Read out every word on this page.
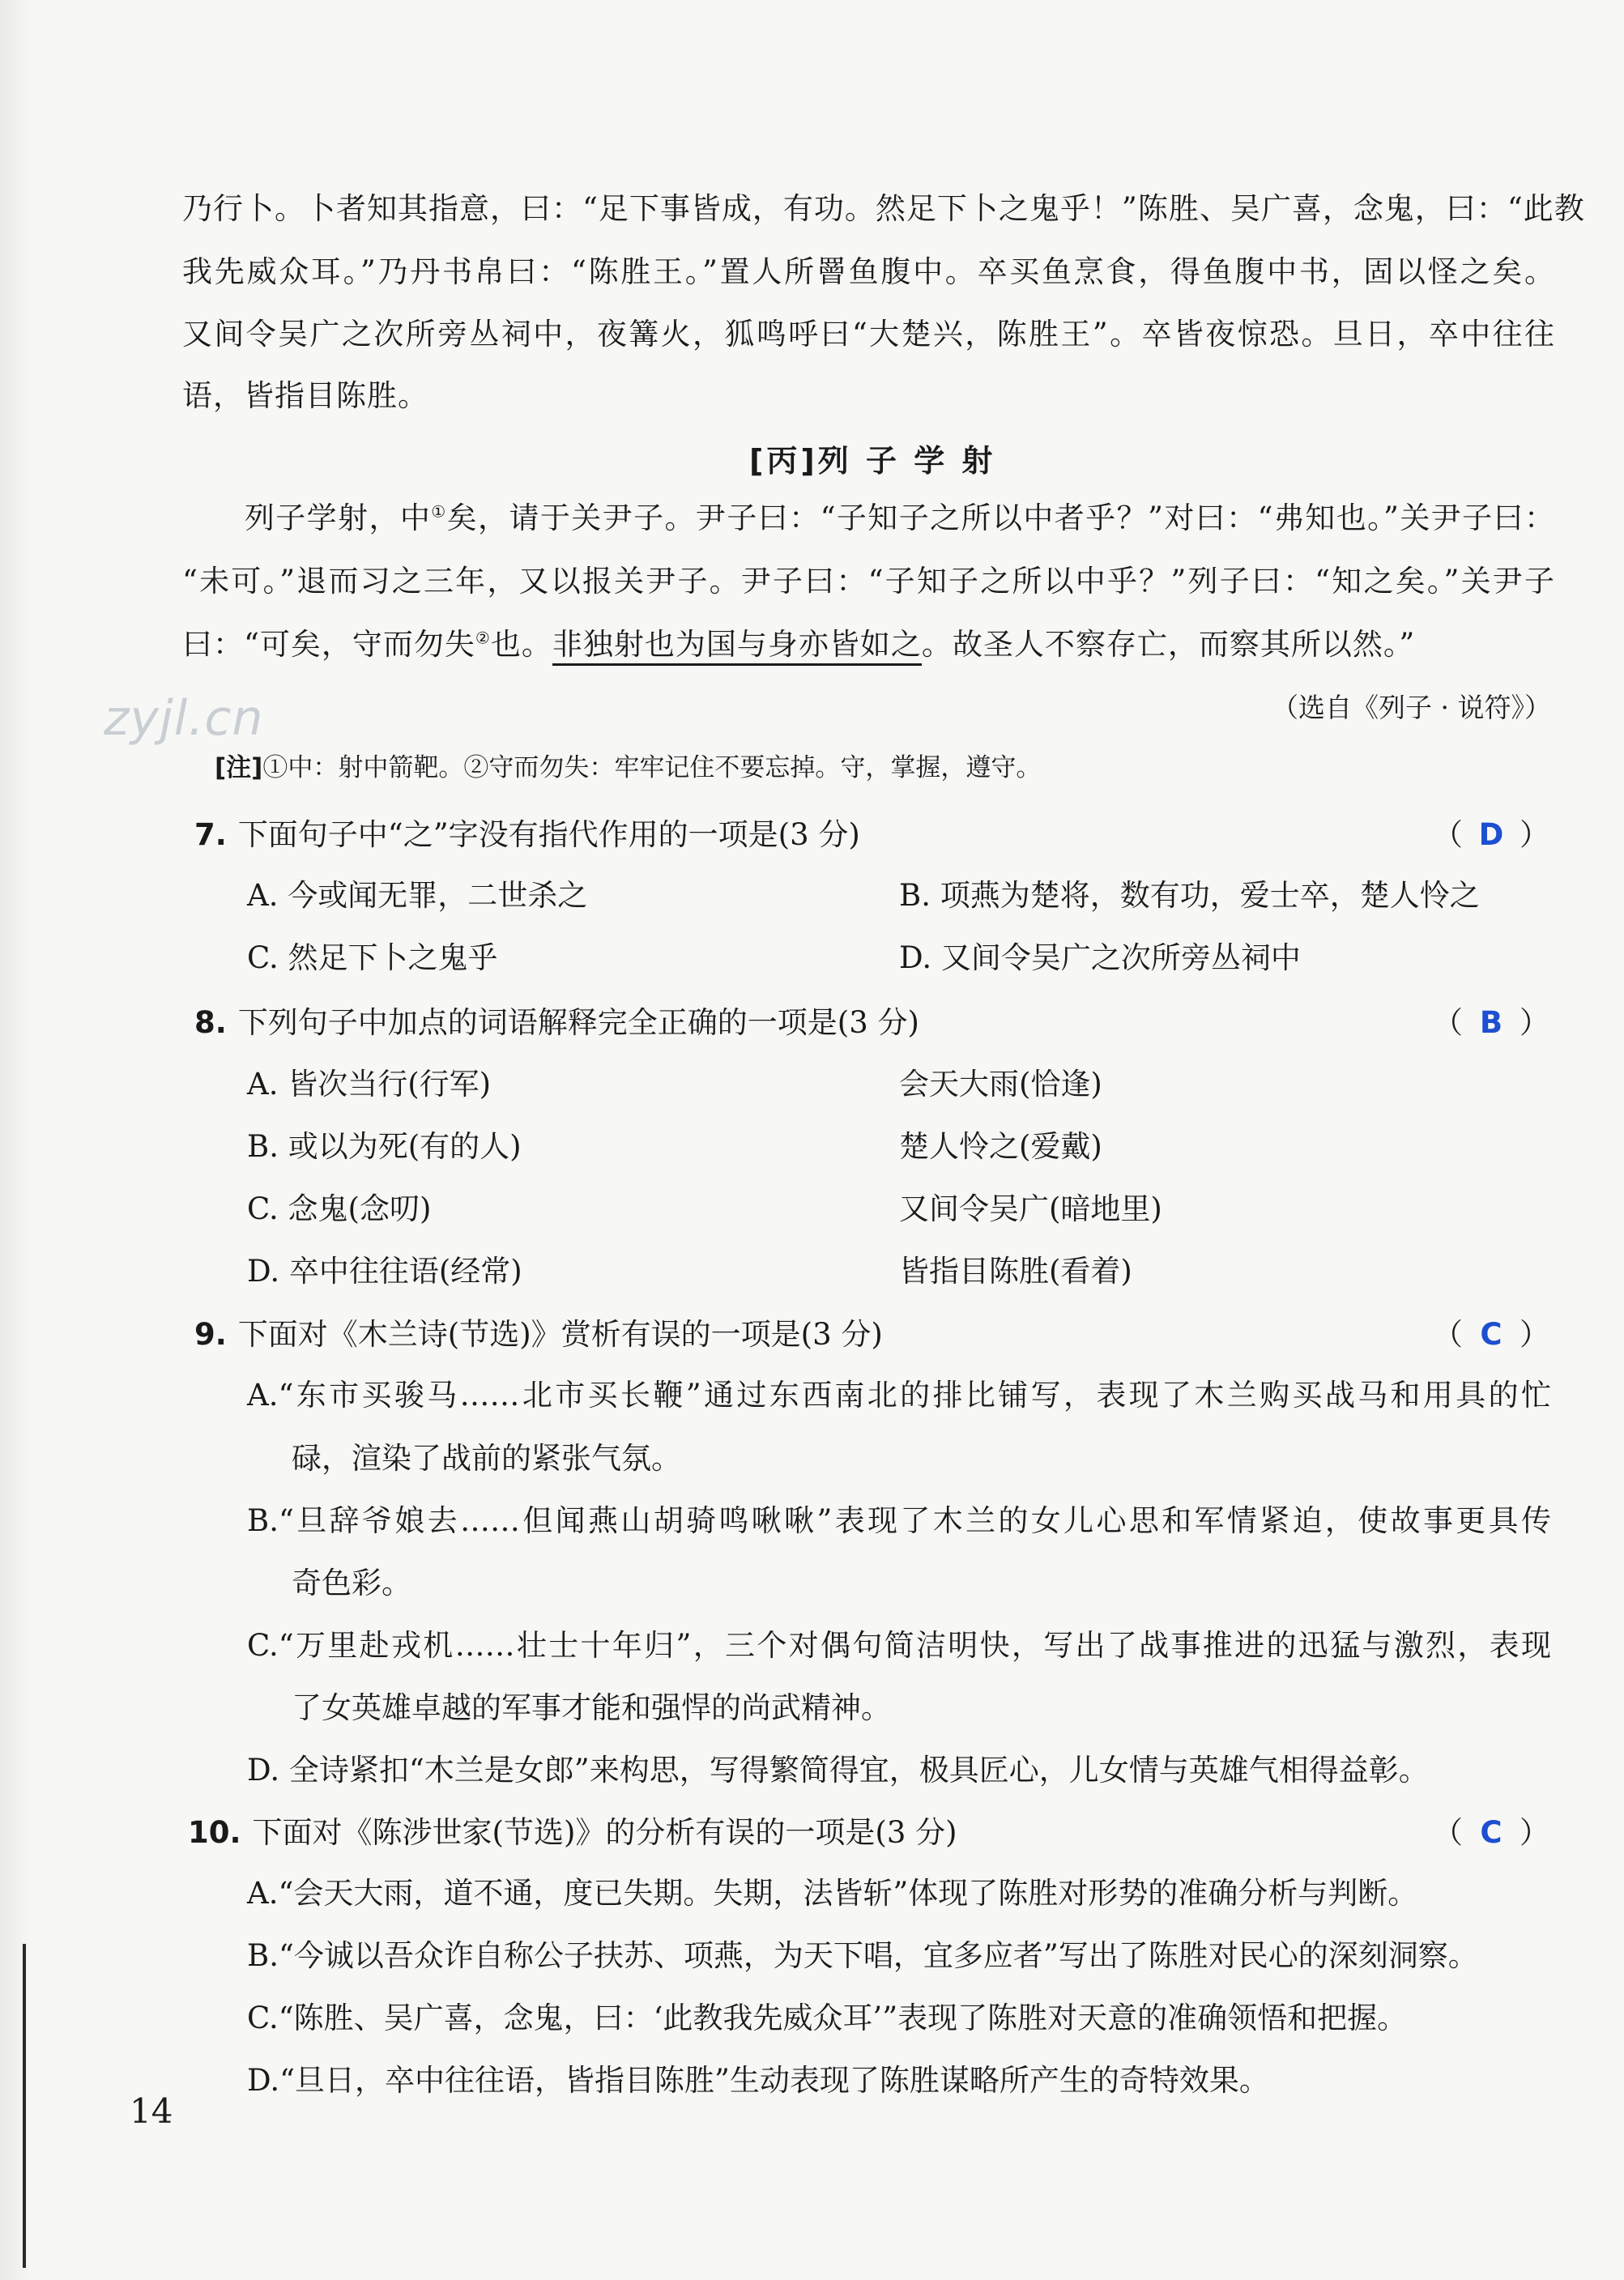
乃行卜。卜者知其指意，曰：“足下事皆成，有功。然足下卜之鬼乎！”陈胜、吴广喜，念鬼，曰：“此教
我先威众耳。”乃丹书帛曰：“陈胜王。”置人所罾鱼腹中。卒买鱼烹食，得鱼腹中书，固以怪之矣。
又间令吴广之次所旁丛祠中，夜篝火，狐鸣呼曰“大楚兴，陈胜王”。卒皆夜惊恐。旦日，卒中往往
语，皆指目陈胜。
[丙]列 子 学 射
　　列子学射，中①矣，请于关尹子。尹子曰：“子知子之所以中者乎？”对曰：“弗知也。”关尹子曰：
“未可。”退而习之三年，又以报关尹子。尹子曰：“子知子之所以中乎？”列子曰：“知之矣。”关尹子
曰：“可矣，守而勿失②也。非独射也为国与身亦皆如之。故圣人不察存亡，而察其所以然。”
（选自《列子 · 说符》）
zyjl.cn
[注]①中：射中箭靶。②守而勿失：牢牢记住不要忘掉。守，掌握，遵守。
7. 下面句子中“之”字没有指代作用的一项是(3 分)	（ D ）
A. 今或闻无罪，二世杀之	B. 项燕为楚将，数有功，爱士卒，楚人怜之
C. 然足下卜之鬼乎	D. 又间令吴广之次所旁丛祠中
8. 下列句子中加点的词语解释完全正确的一项是(3 分)	（ B ）
A. 皆次当行(行军)	会天大雨(恰逢)
B. 或以为死(有的人)	楚人怜之(爱戴)
C. 念鬼(念叨)	又间令吴广(暗地里)
D. 卒中往往语(经常)	皆指目陈胜(看着)
9. 下面对《木兰诗(节选)》赏析有误的一项是(3 分)	（ C ）
A.“东市买骏马……北市买长鞭”通过东西南北的排比铺写，表现了木兰购买战马和用具的忙
碌，渲染了战前的紧张气氛。
B.“旦辞爷娘去……但闻燕山胡骑鸣啾啾”表现了木兰的女儿心思和军情紧迫，使故事更具传
奇色彩。
C.“万里赴戎机……壮士十年归”，三个对偶句简洁明快，写出了战事推进的迅猛与激烈，表现
了女英雄卓越的军事才能和强悍的尚武精神。
D. 全诗紧扣“木兰是女郎”来构思，写得繁简得宜，极具匠心，儿女情与英雄气相得益彰。
10. 下面对《陈涉世家(节选)》的分析有误的一项是(3 分)	（ C ）
A.“会天大雨，道不通，度已失期。失期，法皆斩”体现了陈胜对形势的准确分析与判断。
B.“今诚以吾众诈自称公子扶苏、项燕，为天下唱，宜多应者”写出了陈胜对民心的深刻洞察。
C.“陈胜、吴广喜，念鬼，曰：‘此教我先威众耳’”表现了陈胜对天意的准确领悟和把握。
D.“旦日，卒中往往语，皆指目陈胜”生动表现了陈胜谋略所产生的奇特效果。
14
